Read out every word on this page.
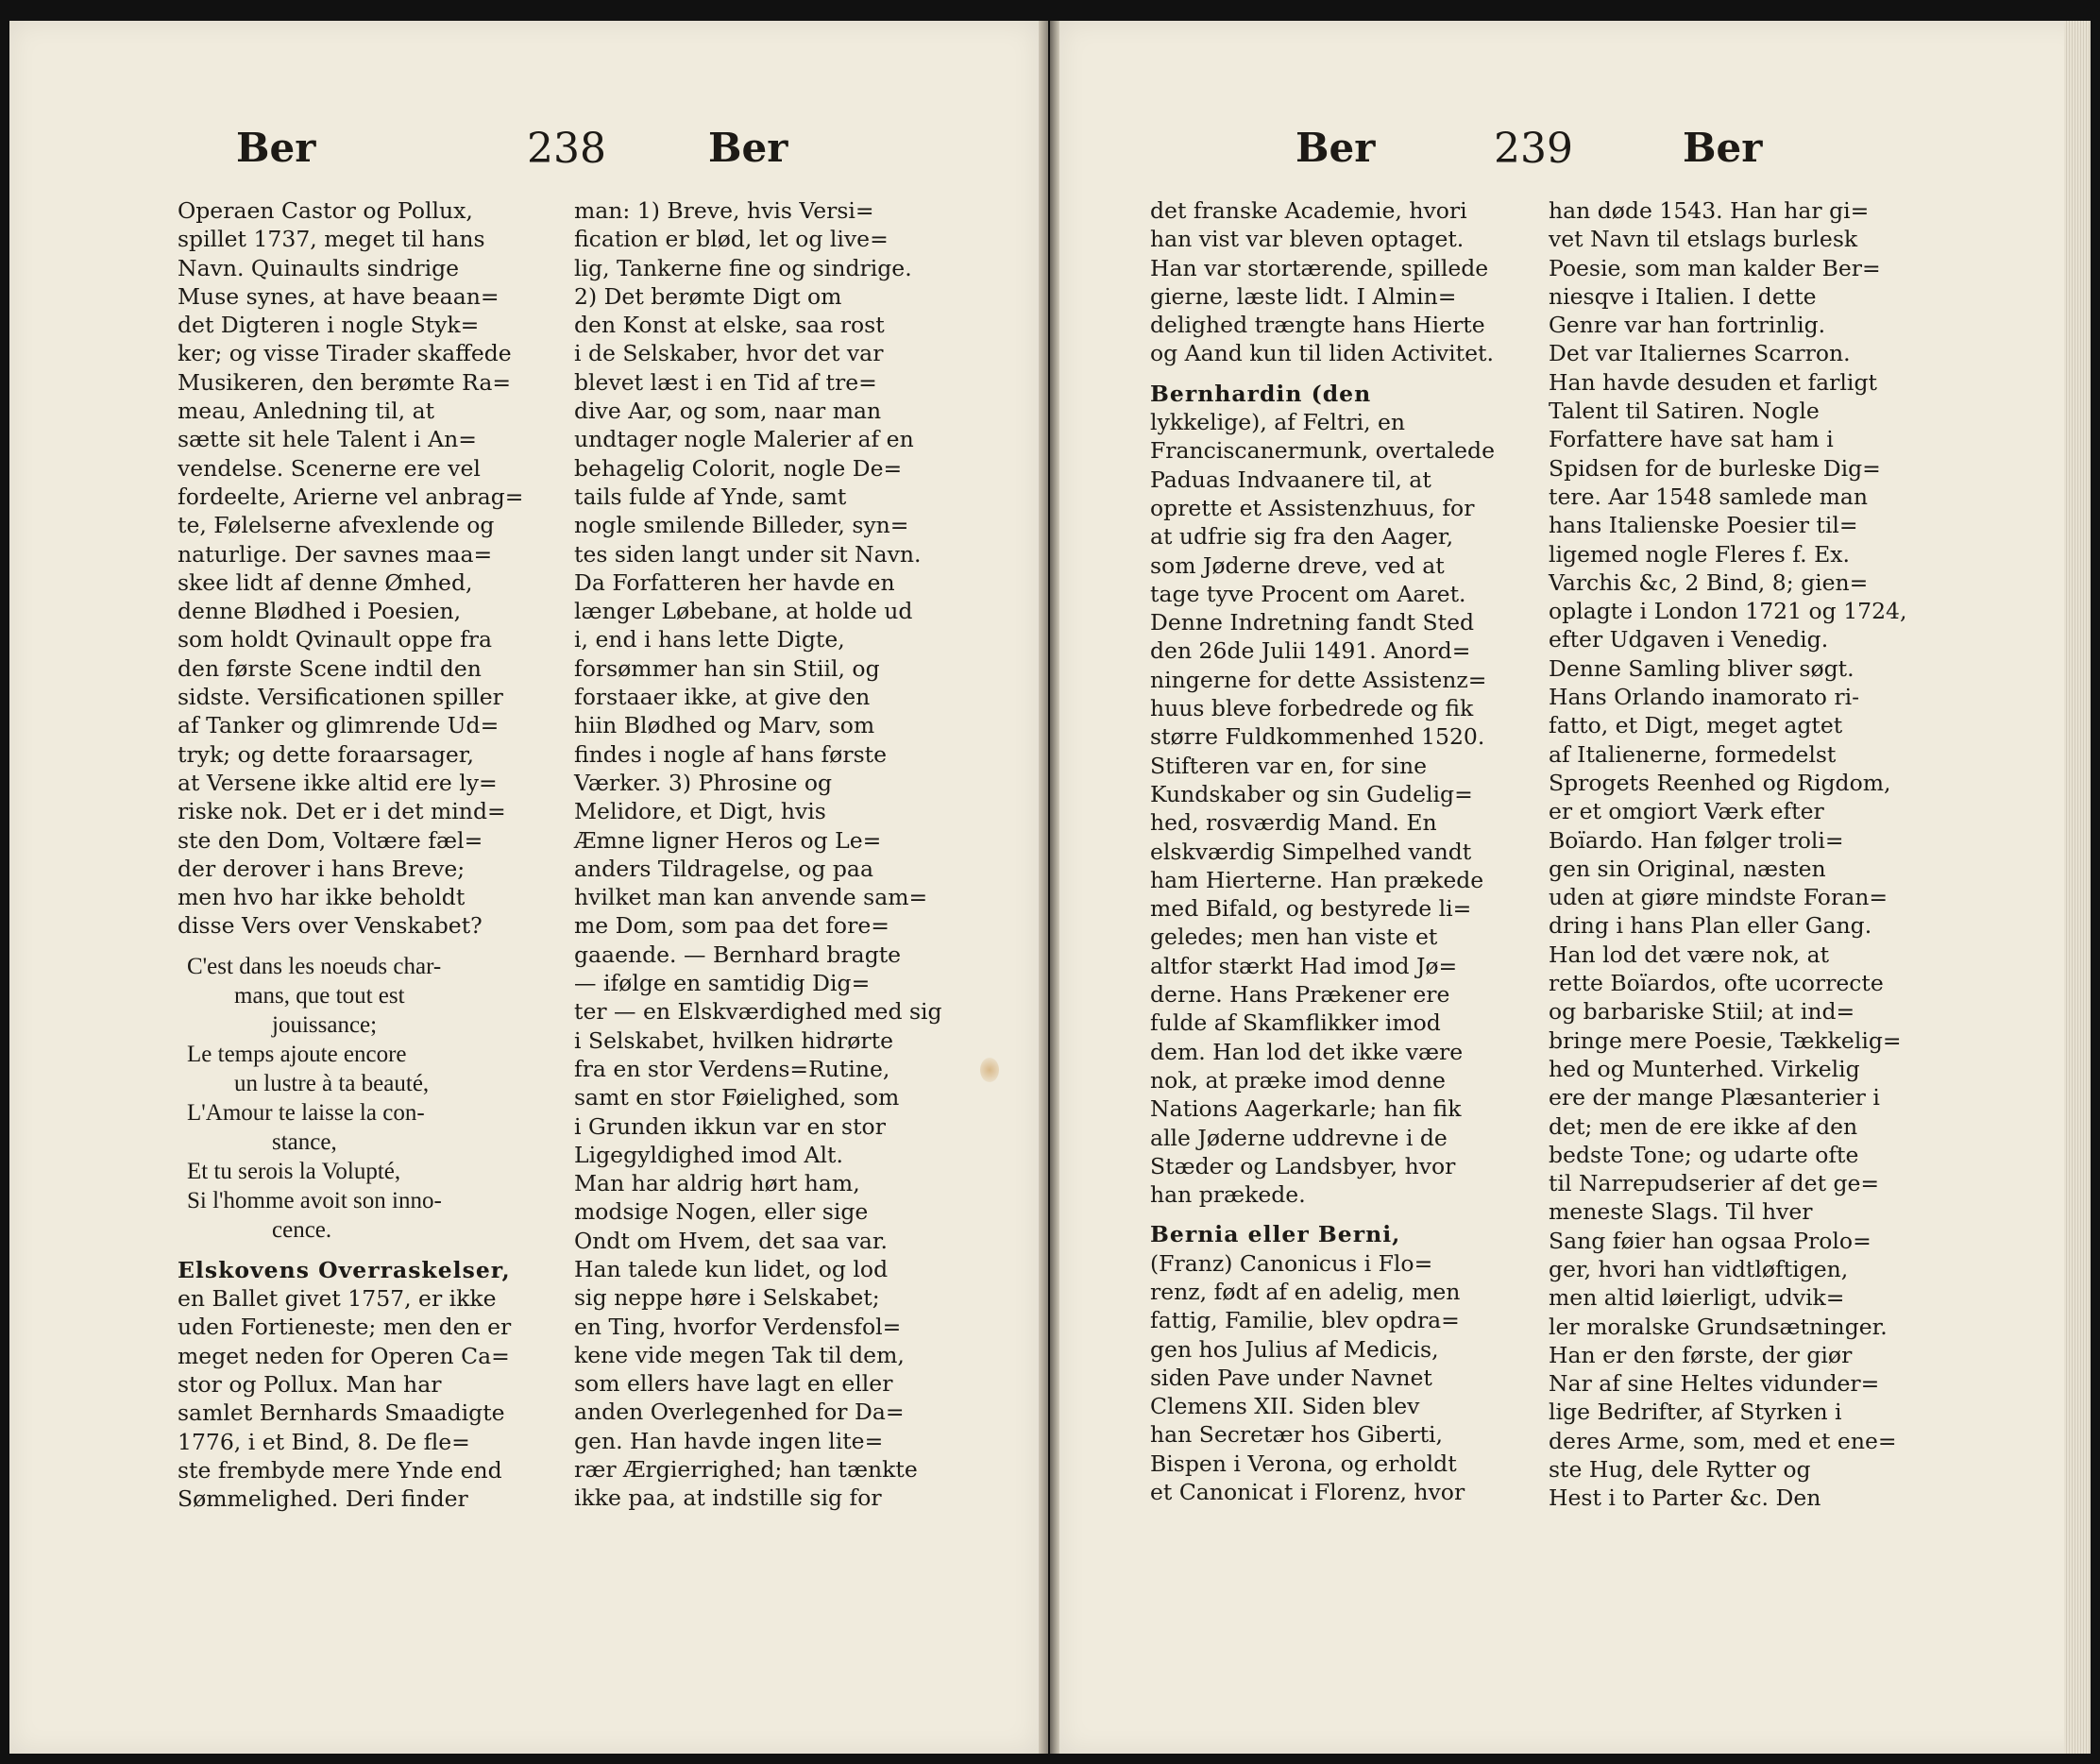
Ber	238	Ber
Operaen Castor og Pollux,
spillet 1737, meget til hans
Navn. Quinaults sindrige
Muse synes, at have beaan=
det Digteren i nogle Styk=
ker; og visse Tirader skaffede
Musikeren, den berømte Ra=
meau, Anledning til, at
sætte sit hele Talent i An=
vendelse. Scenerne ere vel
fordeelte, Arierne vel anbrag=
te, Følelserne afvexlende og
naturlige. Der savnes maa=
skee lidt af denne Ømhed,
denne Blødhed i Poesien,
som holdt Qvinault oppe fra
den første Scene indtil den
sidste. Versificationen spiller
af Tanker og glimrende Ud=
tryk; og dette foraarsager,
at Versene ikke altid ere ly=
riske nok. Det er i det mind=
ste den Dom, Voltære fæl=
der derover i hans Breve;
men hvo har ikke beholdt
disse Vers over Venskabet?
C'est dans les noeuds char-
mans, que tout est
jouissance;
Le temps ajoute encore
un lustre à ta beauté,
L'Amour te laisse la con-
stance,
Et tu serois la Volupté,
Si l'homme avoit son inno-
cence.
Elskovens Overraskelser,
en Ballet givet 1757, er ikke
uden Fortieneste; men den er
meget neden for Operen Ca=
stor og Pollux. Man har
samlet Bernhards Smaadigte
1776, i et Bind, 8. De fle=
ste frembyde mere Ynde end
Sømmelighed. Deri finder
man: 1) Breve, hvis Versi=
fication er blød, let og live=
lig, Tankerne fine og sindrige.
2) Det berømte Digt om
den Konst at elske, saa rost
i de Selskaber, hvor det var
blevet læst i en Tid af tre=
dive Aar, og som, naar man
undtager nogle Malerier af en
behagelig Colorit, nogle De=
tails fulde af Ynde, samt
nogle smilende Billeder, syn=
tes siden langt under sit Navn.
Da Forfatteren her havde en
længer Løbebane, at holde ud
i, end i hans lette Digte,
forsømmer han sin Stiil, og
forstaaer ikke, at give den
hiin Blødhed og Marv, som
findes i nogle af hans første
Værker. 3) Phrosine og
Melidore, et Digt, hvis
Æmne ligner Heros og Le=
anders Tildragelse, og paa
hvilket man kan anvende sam=
me Dom, som paa det fore=
gaaende. — Bernhard bragte
— ifølge en samtidig Dig=
ter — en Elskværdighed med sig
i Selskabet, hvilken hidrørte
fra en stor Verdens=Rutine,
samt en stor Føielighed, som
i Grunden ikkun var en stor
Ligegyldighed imod Alt.
Man har aldrig hørt ham,
modsige Nogen, eller sige
Ondt om Hvem, det saa var.
Han talede kun lidet, og lod
sig neppe høre i Selskabet;
en Ting, hvorfor Verdensfol=
kene vide megen Tak til dem,
som ellers have lagt en eller
anden Overlegenhed for Da=
gen. Han havde ingen lite=
rær Ærgierrighed; han tænkte
ikke paa, at indstille sig for
Ber	239	Ber
det franske Academie, hvori
han vist var bleven optaget.
Han var stortærende, spillede
gierne, læste lidt. I Almin=
delighed trængte hans Hierte
og Aand kun til liden Activitet.
Bernhardin (den
lykkelige), af Feltri, en
Franciscanermunk, overtalede
Paduas Indvaanere til, at
oprette et Assistenzhuus, for
at udfrie sig fra den Aager,
som Jøderne dreve, ved at
tage tyve Procent om Aaret.
Denne Indretning fandt Sted
den 26de Julii 1491. Anord=
ningerne for dette Assistenz=
huus bleve forbedrede og fik
større Fuldkommenhed 1520.
Stifteren var en, for sine
Kundskaber og sin Gudelig=
hed, rosværdig Mand. En
elskværdig Simpelhed vandt
ham Hierterne. Han prækede
med Bifald, og bestyrede li=
geledes; men han viste et
altfor stærkt Had imod Jø=
derne. Hans Prækener ere
fulde af Skamflikker imod
dem. Han lod det ikke være
nok, at præke imod denne
Nations Aagerkarle; han fik
alle Jøderne uddrevne i de
Stæder og Landsbyer, hvor
han prækede.
Bernia eller Berni,
(Franz) Canonicus i Flo=
renz, født af en adelig, men
fattig, Familie, blev opdra=
gen hos Julius af Medicis,
siden Pave under Navnet
Clemens XII. Siden blev
han Secretær hos Giberti,
Bispen i Verona, og erholdt
et Canonicat i Florenz, hvor
han døde 1543. Han har gi=
vet Navn til etslags burlesk
Poesie, som man kalder Ber=
niesqve i Italien. I dette
Genre var han fortrinlig.
Det var Italiernes Scarron.
Han havde desuden et farligt
Talent til Satiren. Nogle
Forfattere have sat ham i
Spidsen for de burleske Dig=
tere. Aar 1548 samlede man
hans Italienske Poesier til=
ligemed nogle Fleres f. Ex.
Varchis &c, 2 Bind, 8; gien=
oplagte i London 1721 og 1724,
efter Udgaven i Venedig.
Denne Samling bliver søgt.
Hans Orlando inamorato ri-
fatto, et Digt, meget agtet
af Italienerne, formedelst
Sprogets Reenhed og Rigdom,
er et omgiort Værk efter
Boïardo. Han følger troli=
gen sin Original, næsten
uden at giøre mindste Foran=
dring i hans Plan eller Gang.
Han lod det være nok, at
rette Boïardos, ofte ucorrecte
og barbariske Stiil; at ind=
bringe mere Poesie, Tækkelig=
hed og Munterhed. Virkelig
ere der mange Plæsanterier i
det; men de ere ikke af den
bedste Tone; og udarte ofte
til Narrepudserier af det ge=
meneste Slags. Til hver
Sang føier han ogsaa Prolo=
ger, hvori han vidtløftigen,
men altid løierligt, udvik=
ler moralske Grundsætninger.
Han er den første, der giør
Nar af sine Heltes vidunder=
lige Bedrifter, af Styrken i
deres Arme, som, med et ene=
ste Hug, dele Rytter og
Hest i to Parter &c. Den
